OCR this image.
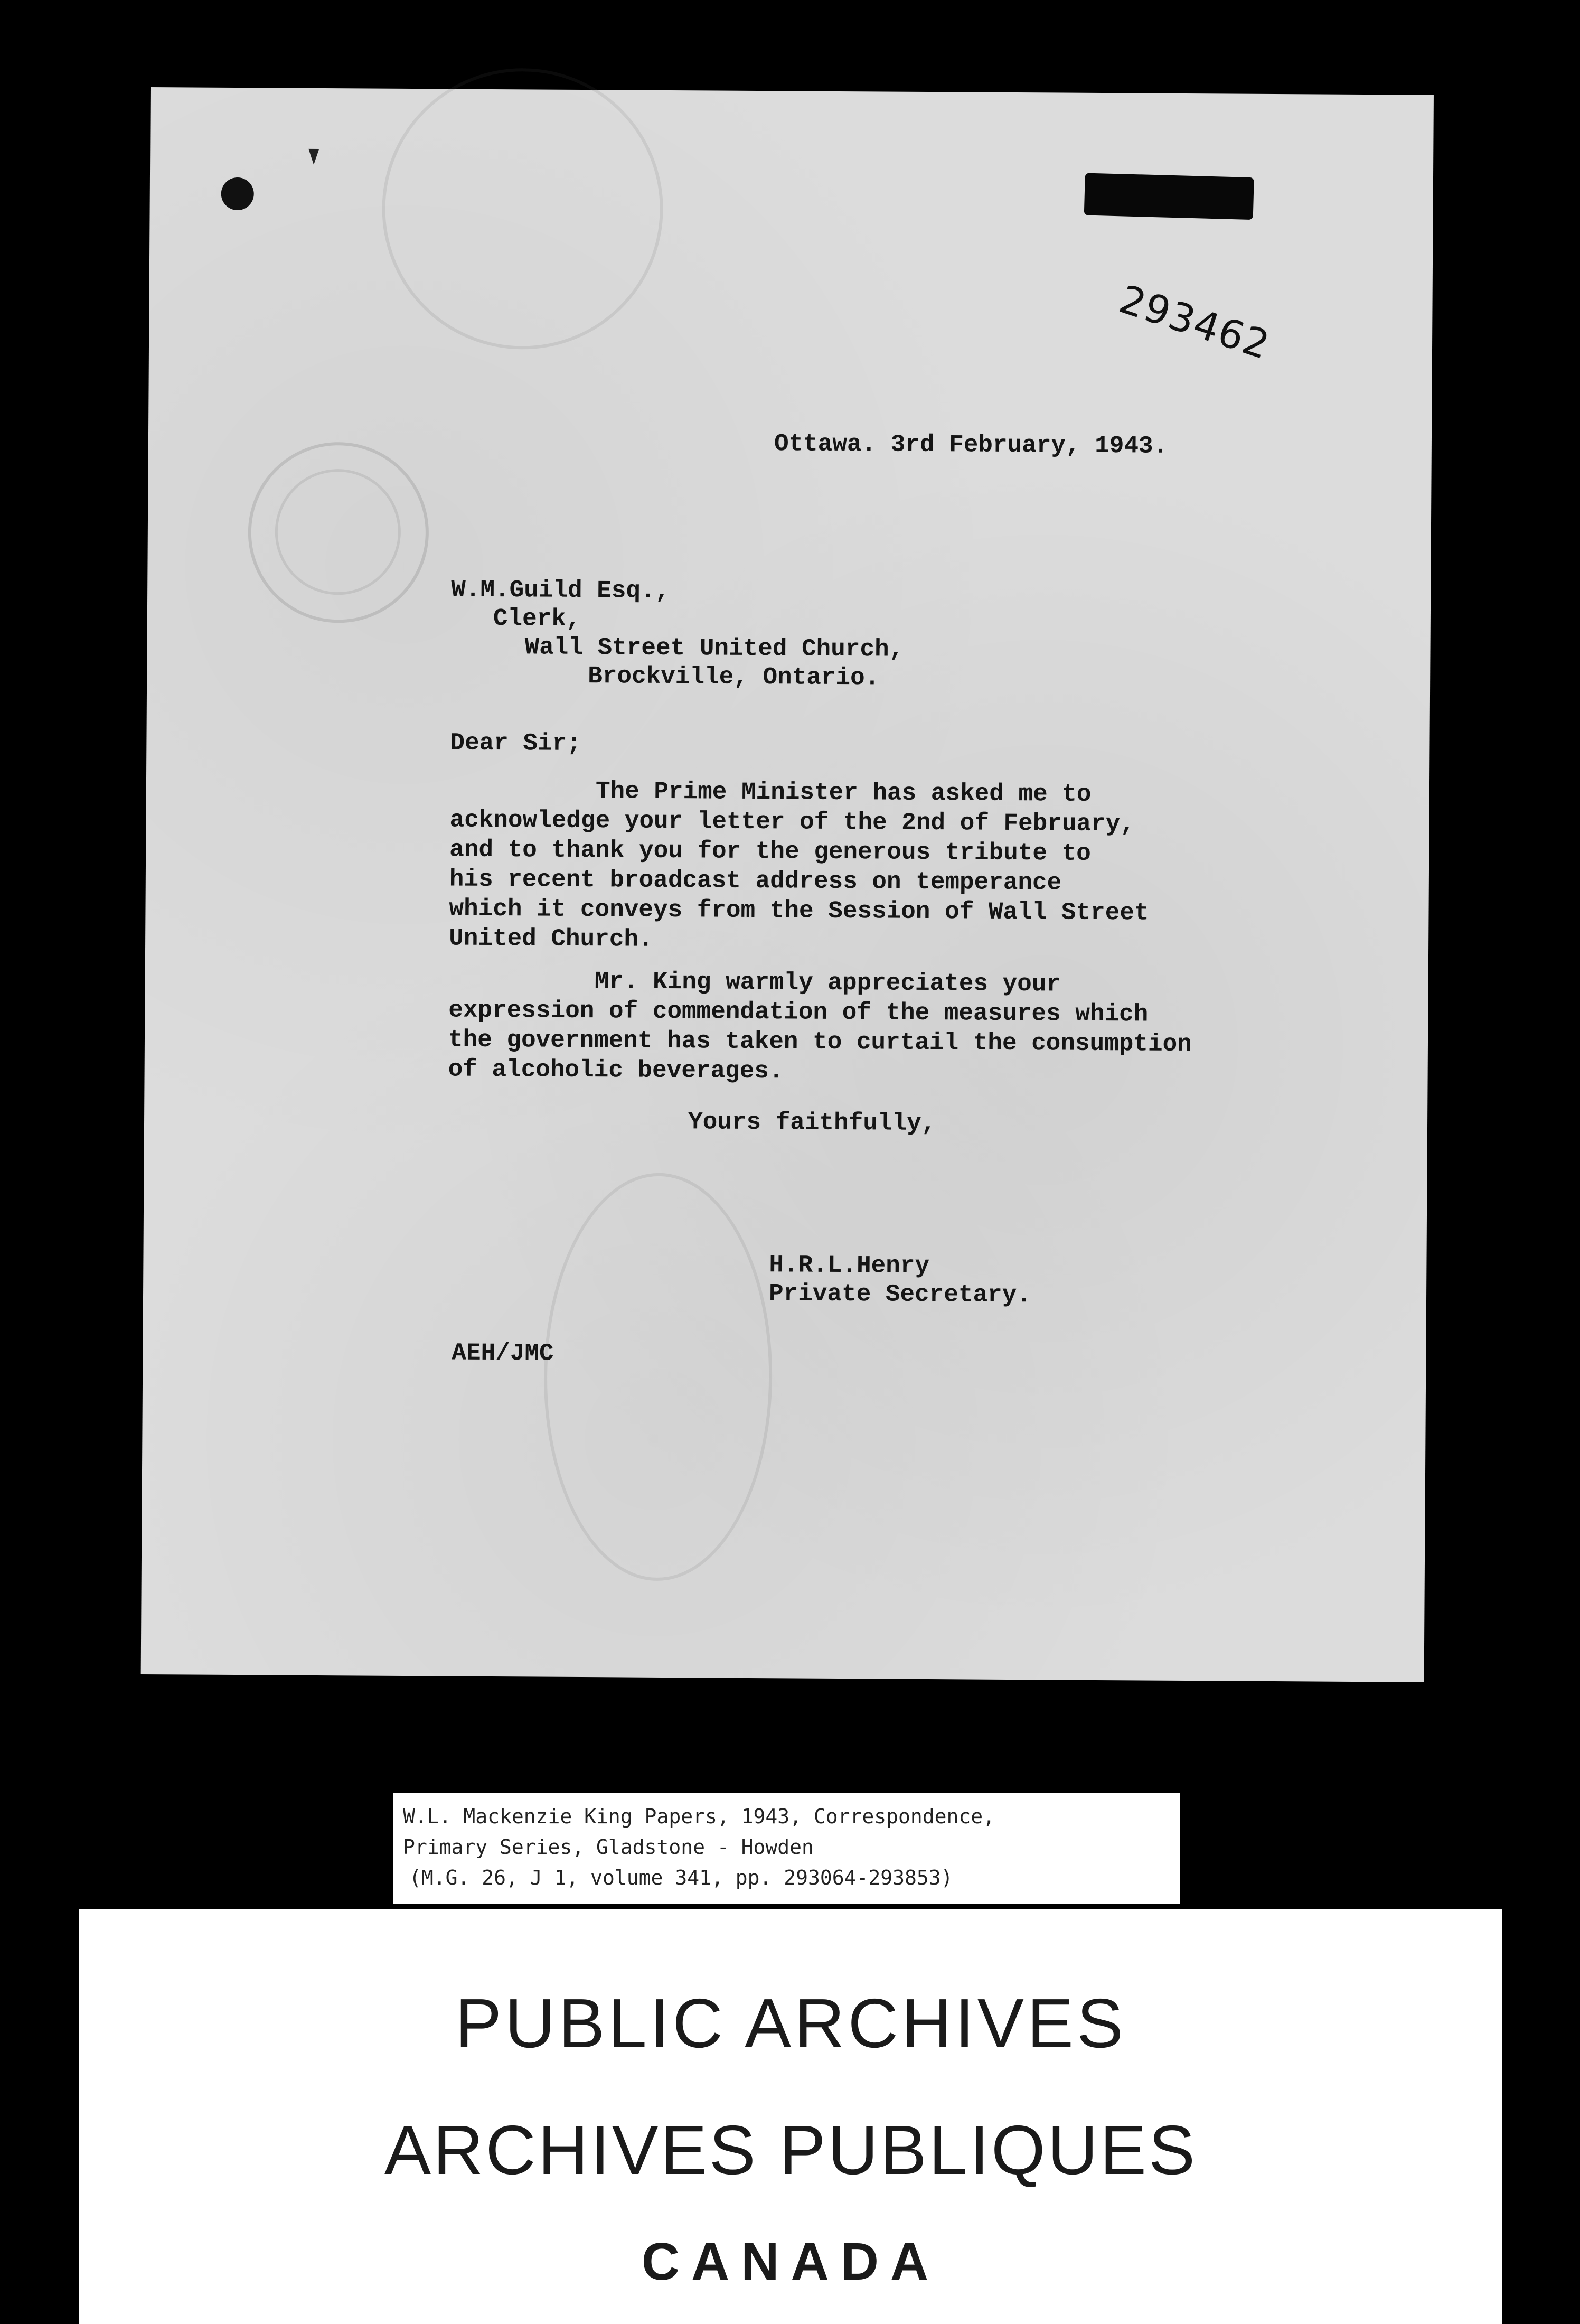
293462
Ottawa. 3rd February, 1943.
W.M.Guild Esq.,
Clerk,
Wall Street United Church,
Brockville, Ontario.
Dear Sir;
The Prime Minister has asked me to
acknowledge your letter of the 2nd of February,
and to thank you for the generous tribute to
his recent broadcast address on temperance
which it conveys from the Session of Wall Street
United Church.
Mr. King warmly appreciates your
expression of commendation of the measures which
the government has taken to curtail the consumption
of alcoholic beverages.
Yours faithfully,
H.R.L.Henry
Private Secretary.
AEH/JMC
W.L. Mackenzie King Papers, 1943, Correspondence,
Primary Series, Gladstone - Howden
(M.G. 26, J 1, volume 341, pp. 293064-293853)
PUBLIC ARCHIVES
ARCHIVES PUBLIQUES
CANADA
